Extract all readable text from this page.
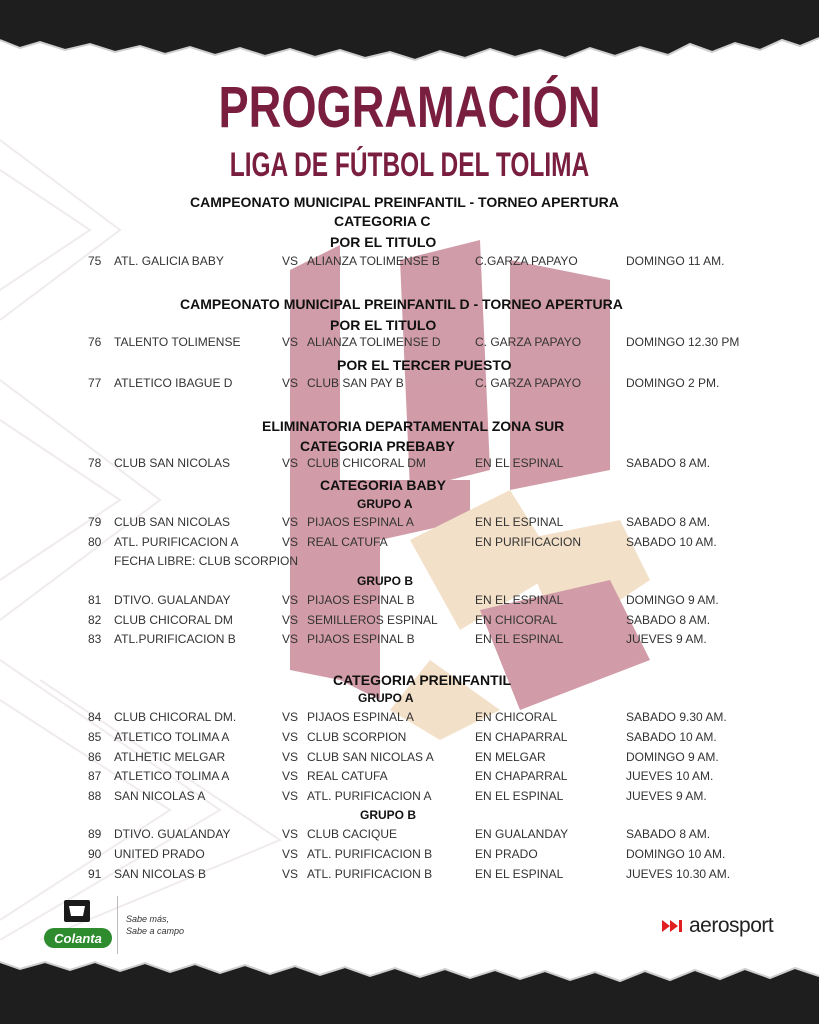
PROGRAMACIÓN
LIGA DE FÚTBOL DEL TOLIMA
CAMPEONATO MUNICIPAL PREINFANTIL - TORNEO APERTURA
CATEGORIA C
POR EL TITULO
75 ATL. GALICIA BABY	VS ALIANZA TOLIMENSE B	C.GARZA PAPAYO	DOMINGO 11 AM.
CAMPEONATO MUNICIPAL PREINFANTIL D - TORNEO APERTURA
POR EL TITULO
76 TALENTO TOLIMENSE	VS ALIANZA TOLIMENSE D	C. GARZA PAPAYO	DOMINGO 12.30 PM
POR EL TERCER PUESTO
77 ATLETICO IBAGUE D	VS CLUB SAN PAY B	C. GARZA PAPAYO	DOMINGO 2 PM.
ELIMINATORIA DEPARTAMENTAL ZONA SUR
CATEGORIA PREBABY
78 CLUB SAN NICOLAS	VS CLUB CHICORAL DM	EN EL ESPINAL	SABADO 8 AM.
CATEGORIA BABY
GRUPO A
79 CLUB SAN NICOLAS	VS PIJAOS ESPINAL A	EN EL ESPINAL	SABADO 8 AM.
80 ATL. PURIFICACION A	VS REAL CATUFA	EN PURIFICACION	SABADO 10 AM.
FECHA LIBRE: CLUB SCORPION
GRUPO B
81 DTIVO. GUALANDAY	VS PIJAOS ESPINAL B	EN EL ESPINAL	DOMINGO 9 AM.
82 CLUB CHICORAL DM	VS SEMILLEROS ESPINAL	EN CHICORAL	SABADO 8 AM.
83 ATL.PURIFICACION B	VS PIJAOS ESPINAL B	EN EL ESPINAL	JUEVES 9 AM.
CATEGORIA PREINFANTIL
GRUPO A
84 CLUB CHICORAL DM.	VS PIJAOS ESPINAL A	EN CHICORAL	SABADO 9.30 AM.
85 ATLETICO TOLIMA A	VS CLUB SCORPION	EN CHAPARRAL	SABADO 10 AM.
86 ATLHETIC MELGAR	VS CLUB SAN NICOLAS A	EN MELGAR	DOMINGO 9 AM.
87 ATLETICO TOLIMA A	VS REAL CATUFA	EN CHAPARRAL	JUEVES 10 AM.
88 SAN NICOLAS A	VS ATL. PURIFICACION A	EN EL ESPINAL	JUEVES 9 AM.
GRUPO B
89 DTIVO. GUALANDAY	VS CLUB CACIQUE	EN GUALANDAY	SABADO 8 AM.
90 UNITED PRADO	VS ATL. PURIFICACION B	EN PRADO	DOMINGO 10 AM.
91 SAN NICOLAS B	VS ATL. PURIFICACION B	EN EL ESPINAL	JUEVES 10.30 AM.
Colanta
Sabe más,
Sabe a campo	aerosport
